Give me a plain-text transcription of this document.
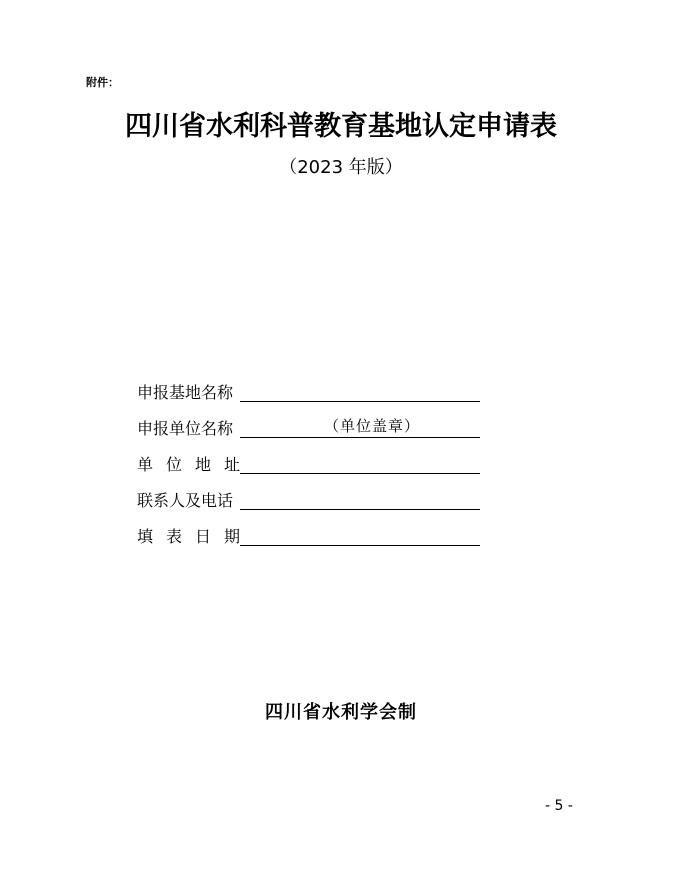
附件：
四川省水利科普教育基地认定申请表
（2023 年版）
申报基地名称
申报单位名称	（单位盖章）
单位地址
联系人及电话
填表日期
四川省水利学会制
- 5 -
